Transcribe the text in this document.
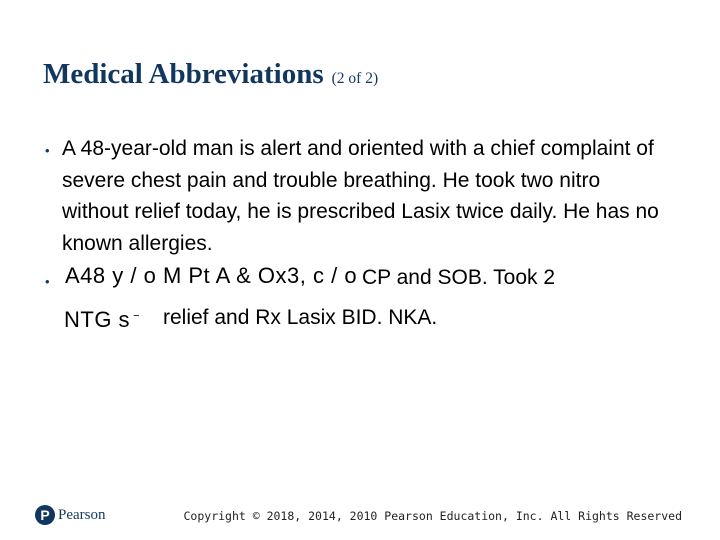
Medical Abbreviations (2 of 2)
• A 48-year-old man is alert and oriented with a chief complaint of severe chest pain and trouble breathing. He took two nitro without relief today, he is prescribed Lasix twice daily. He has no known allergies.
• A48 y / o M Pt A & Ox3, c / o CP and SOB. Took 2
NTG s − relief and Rx Lasix BID. NKA.
P Pearson	Copyright © 2018, 2014, 2010 Pearson Education, Inc. All Rights Reserved
